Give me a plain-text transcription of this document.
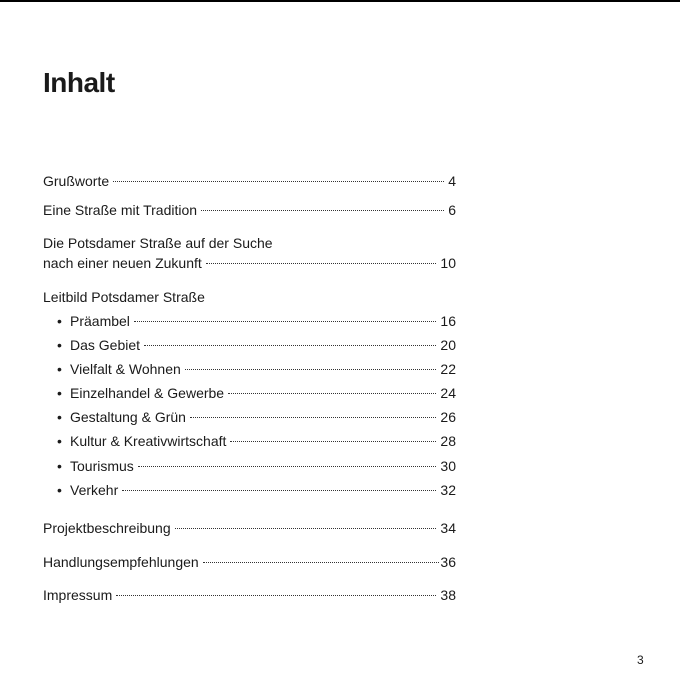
Inhalt
Grußworte	4
Eine Straße mit Tradition	6
Die Potsdamer Straße auf der Suche
nach einer neuen Zukunft	10
Leitbild Potsdamer Straße
• Präambel	16
• Das Gebiet	20
• Vielfalt & Wohnen	22
• Einzelhandel & Gewerbe	24
• Gestaltung & Grün	26
• Kultur & Kreativwirtschaft	28
• Tourismus	30
• Verkehr	32
Projektbeschreibung	34
Handlungsempfehlungen	36
Impressum	38
3
